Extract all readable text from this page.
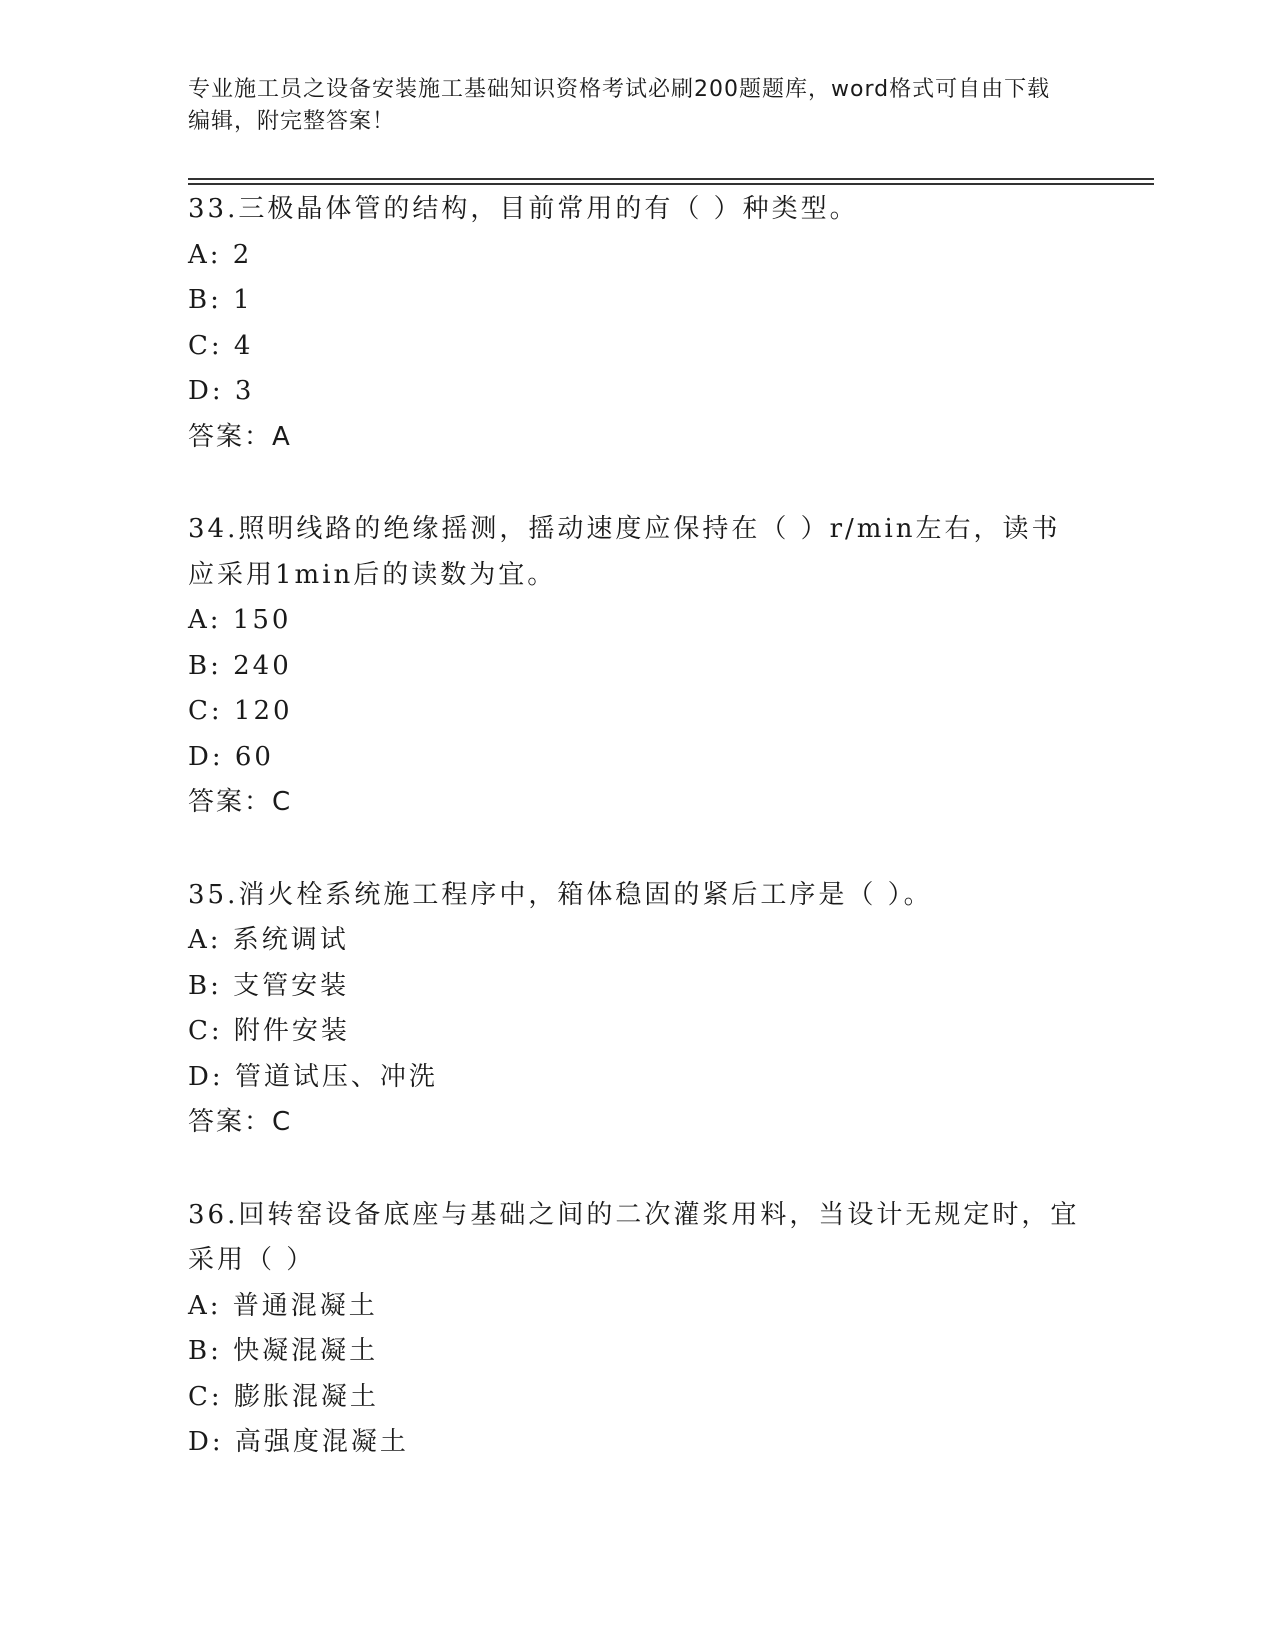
专业施工员之设备安装施工基础知识资格考试必刷200题题库，word格式可自由下载编辑，附完整答案！
33.三极晶体管的结构，目前常用的有（ ）种类型。
A: 2
B: 1
C: 4
D: 3
答案：A
34.照明线路的绝缘摇测，摇动速度应保持在（ ）r/min左右，读书应采用1min后的读数为宜。
A: 150
B: 240
C: 120
D: 60
答案：C
35.消火栓系统施工程序中，箱体稳固的紧后工序是（ ）。
A: 系统调试
B: 支管安装
C: 附件安装
D: 管道试压、冲洗
答案：C
36.回转窑设备底座与基础之间的二次灌浆用料，当设计无规定时，宜采用（ ）
A: 普通混凝土
B: 快凝混凝土
C: 膨胀混凝土
D: 高强度混凝土
